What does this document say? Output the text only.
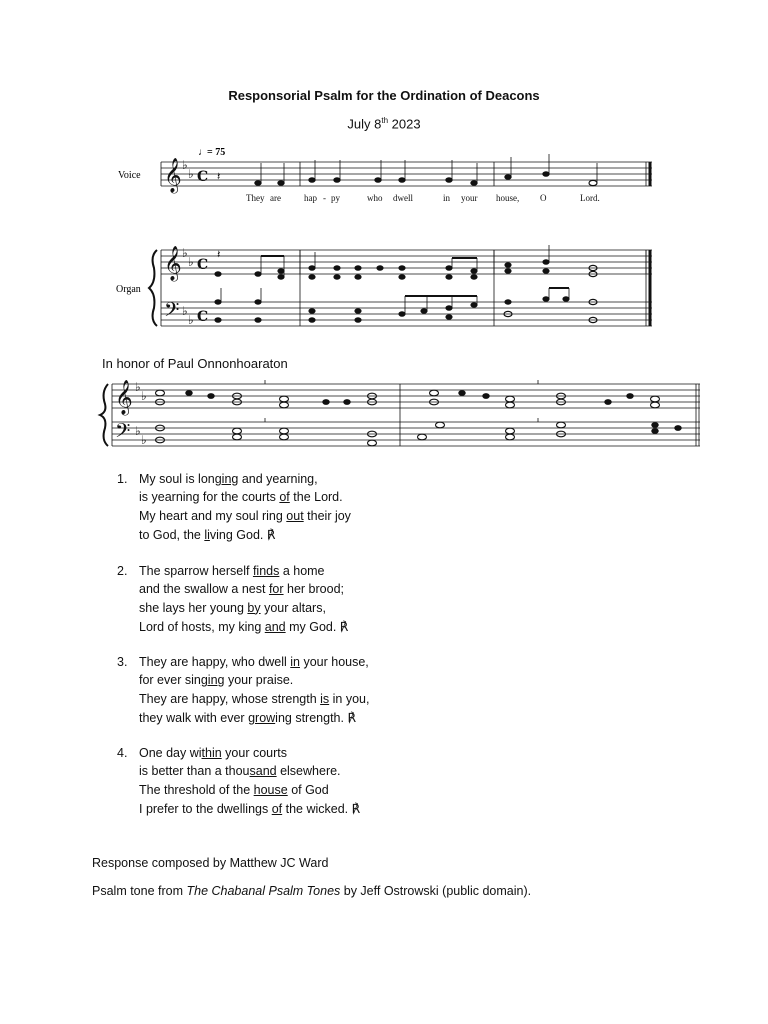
Responsorial Psalm for the Ordination of Deacons
July 8th 2023
𝄞
𝄞
𝄢
♭
♭
♭
♭
♭
♭
C
C
C
♩ = 75
Voice
Organ
𝄽
They are	hap - py	who dwell	in your house, O	Lord.
𝄽
In honor of Paul Onnonhoaraton
𝄞
𝄢
♭
♭
♭
♭
1. My soul is longing and yearning,
is yearning for the courts of the Lord.
My heart and my soul ring out their joy
to God, the living God. ℟
2. The sparrow herself finds a home
and the swallow a nest for her brood;
she lays her young by your altars,
Lord of hosts, my king and my God. ℟
3. They are happy, who dwell in your house,
for ever singing your praise.
They are happy, whose strength is in you,
they walk with ever growing strength. ℟
4. One day within your courts
is better than a thousand elsewhere.
The threshold of the house of God
I prefer to the dwellings of the wicked. ℟
Response composed by Matthew JC Ward
Psalm tone from The Chabanal Psalm Tones by Jeff Ostrowski (public domain).
